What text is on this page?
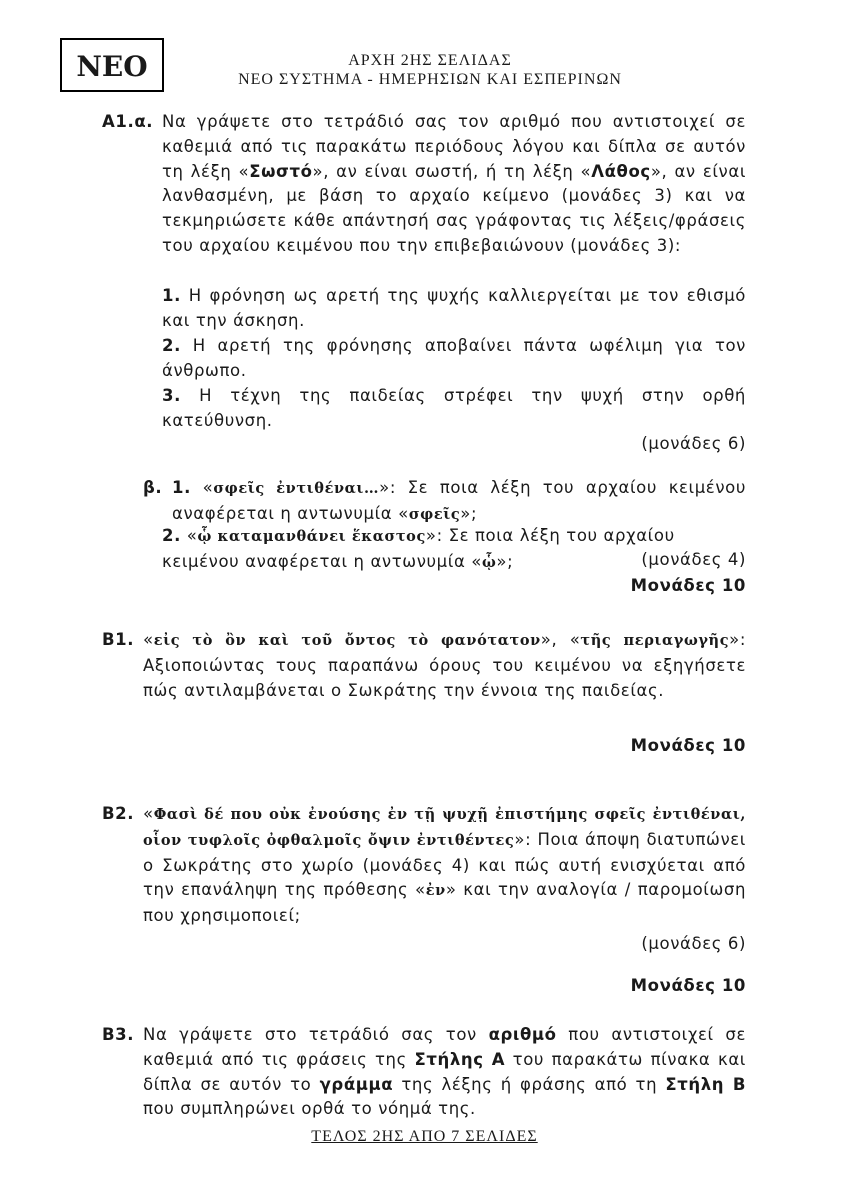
ΝΕΟ	ΑΡΧΗ 2ΗΣ ΣΕΛΙΔΑΣ
ΝΕΟ ΣΥΣΤΗΜΑ - ΗΜΕΡΗΣΙΩΝ ΚΑΙ ΕΣΠΕΡΙΝΩΝ
Α1.α. Να γράψετε στο τετράδιό σας τον αριθμό που αντιστοιχεί σε καθεμιά από τις παρακάτω περιόδους λόγου και δίπλα σε αυτόν τη λέξη «Σωστό», αν είναι σωστή, ή τη λέξη «Λάθος», αν είναι λανθασμένη, με βάση το αρχαίο κείμενο (μονάδες 3) και να τεκμηριώσετε κάθε απάντησή σας γράφοντας τις λέξεις/φράσεις του αρχαίου κειμένου που την επιβεβαιώνουν (μονάδες 3):
1. Η φρόνηση ως αρετή της ψυχής καλλιεργείται με τον εθισμό και την άσκηση.
2. Η αρετή της φρόνησης αποβαίνει πάντα ωφέλιμη για τον άνθρωπο.
3. Η τέχνη της παιδείας στρέφει την ψυχή στην ορθή κατεύθυνση.
(μονάδες 6)
β. 1. «σφεῖς ἐντιθέναι…»: Σε ποια λέξη του αρχαίου κειμένου αναφέρεται η αντωνυμία «σφεῖς»;
2. «ᾧ καταμανθάνει ἕκαστος»: Σε ποια λέξη του αρχαίου κειμένου αναφέρεται η αντωνυμία «ᾧ»;	(μονάδες 4)
Μονάδες 10
Β1. «εἰς τὸ ὂν καὶ τοῦ ὄντος τὸ φανότατον», «τῆς περιαγωγῆς»: Αξιοποιώντας τους παραπάνω όρους του κειμένου να εξηγήσετε πώς αντιλαμβάνεται ο Σωκράτης την έννοια της παιδείας.
Μονάδες 10
Β2. «Φασὶ δέ που οὐκ ἐνούσης ἐν τῇ ψυχῇ ἐπιστήμης σφεῖς ἐντιθέναι, οἷον τυφλοῖς ὀφθαλμοῖς ὄψιν ἐντιθέντες»: Ποια άποψη διατυπώνει ο Σωκράτης στο χωρίο (μονάδες 4) και πώς αυτή ενισχύεται από την επανάληψη της πρόθεσης «ἐν» και την αναλογία / παρομοίωση που χρησιμοποιεί;
(μονάδες 6)
Μονάδες 10
Β3. Να γράψετε στο τετράδιό σας τον αριθμό που αντιστοιχεί σε καθεμιά από τις φράσεις της Στήλης Α του παρακάτω πίνακα και δίπλα σε αυτόν το γράμμα της λέξης ή φράσης από τη Στήλη Β που συμπληρώνει ορθά το νόημά της.
ΤΕΛΟΣ 2ΗΣ ΑΠΟ 7 ΣΕΛΙΔΕΣ
